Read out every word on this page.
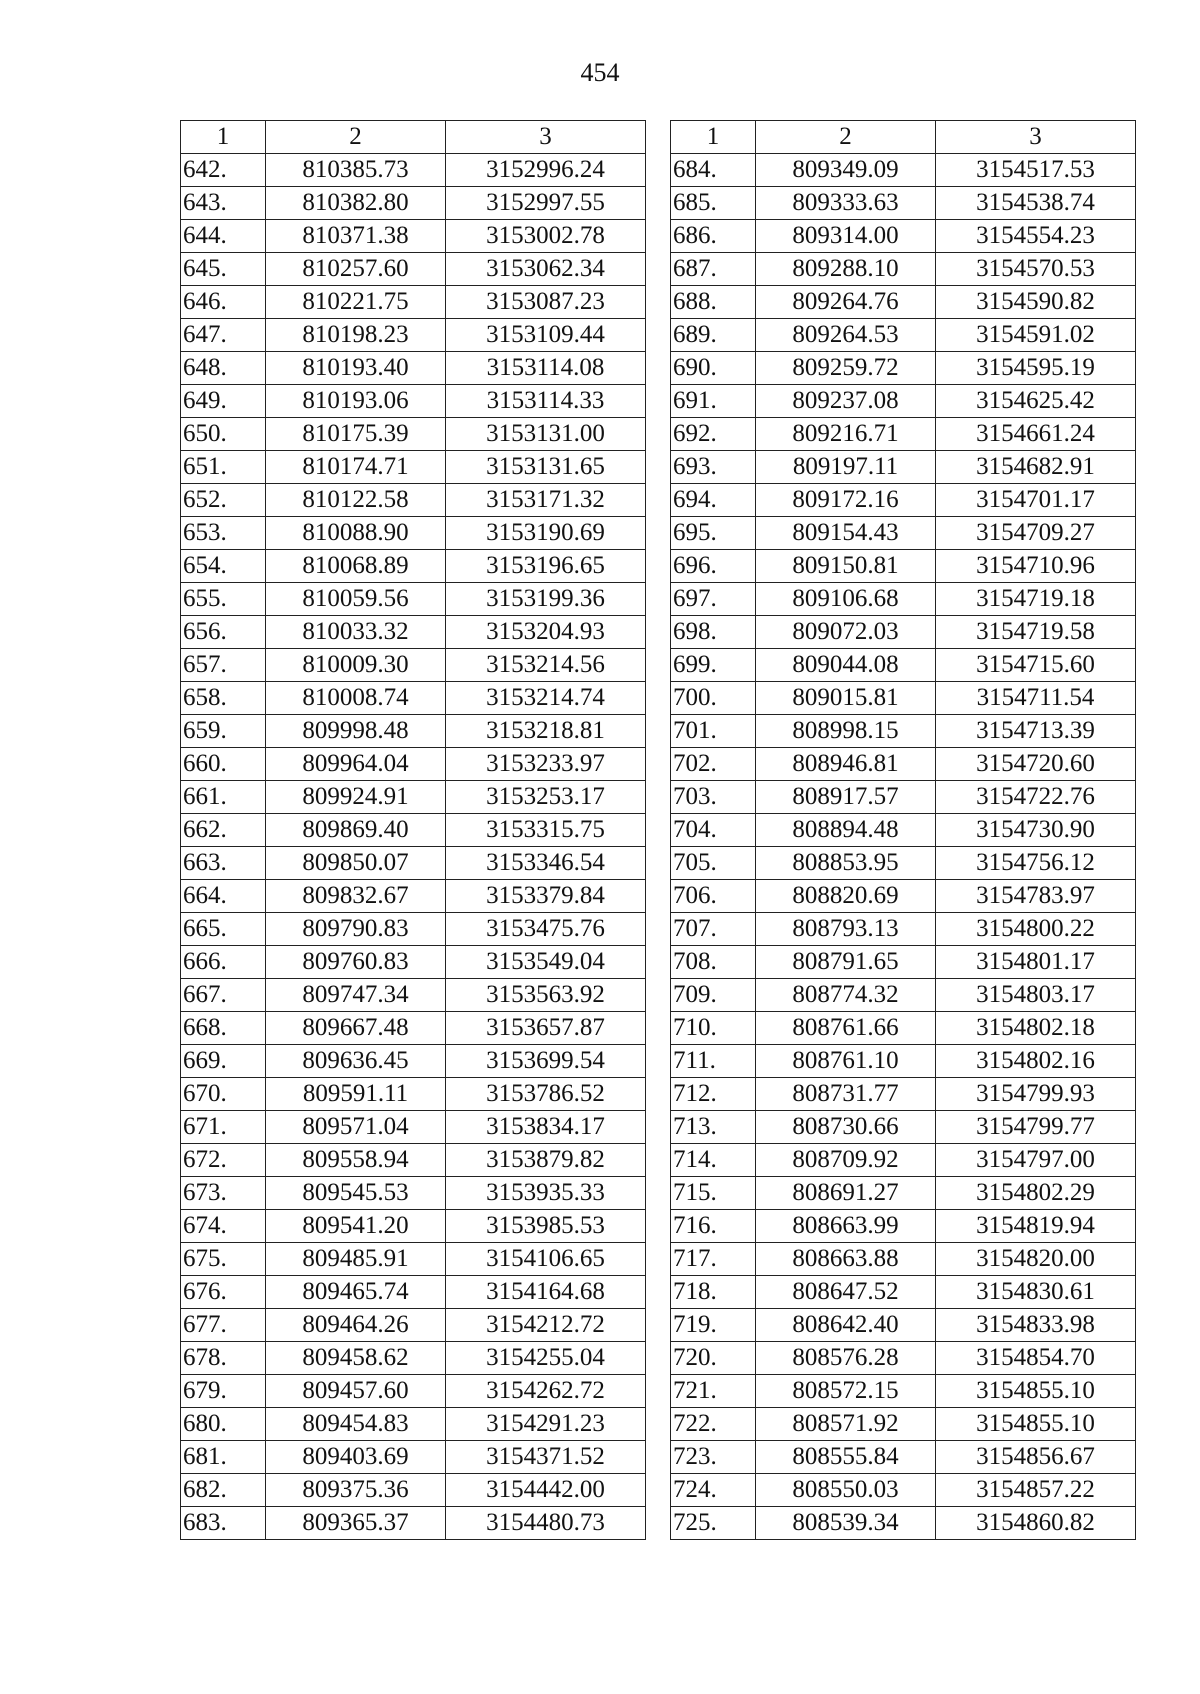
454
1	2	3
642.	810385.73	3152996.24
643.	810382.80	3152997.55
644.	810371.38	3153002.78
645.	810257.60	3153062.34
646.	810221.75	3153087.23
647.	810198.23	3153109.44
648.	810193.40	3153114.08
649.	810193.06	3153114.33
650.	810175.39	3153131.00
651.	810174.71	3153131.65
652.	810122.58	3153171.32
653.	810088.90	3153190.69
654.	810068.89	3153196.65
655.	810059.56	3153199.36
656.	810033.32	3153204.93
657.	810009.30	3153214.56
658.	810008.74	3153214.74
659.	809998.48	3153218.81
660.	809964.04	3153233.97
661.	809924.91	3153253.17
662.	809869.40	3153315.75
663.	809850.07	3153346.54
664.	809832.67	3153379.84
665.	809790.83	3153475.76
666.	809760.83	3153549.04
667.	809747.34	3153563.92
668.	809667.48	3153657.87
669.	809636.45	3153699.54
670.	809591.11	3153786.52
671.	809571.04	3153834.17
672.	809558.94	3153879.82
673.	809545.53	3153935.33
674.	809541.20	3153985.53
675.	809485.91	3154106.65
676.	809465.74	3154164.68
677.	809464.26	3154212.72
678.	809458.62	3154255.04
679.	809457.60	3154262.72
680.	809454.83	3154291.23
681.	809403.69	3154371.52
682.	809375.36	3154442.00
683.	809365.37	3154480.73
1	2	3
684.	809349.09	3154517.53
685.	809333.63	3154538.74
686.	809314.00	3154554.23
687.	809288.10	3154570.53
688.	809264.76	3154590.82
689.	809264.53	3154591.02
690.	809259.72	3154595.19
691.	809237.08	3154625.42
692.	809216.71	3154661.24
693.	809197.11	3154682.91
694.	809172.16	3154701.17
695.	809154.43	3154709.27
696.	809150.81	3154710.96
697.	809106.68	3154719.18
698.	809072.03	3154719.58
699.	809044.08	3154715.60
700.	809015.81	3154711.54
701.	808998.15	3154713.39
702.	808946.81	3154720.60
703.	808917.57	3154722.76
704.	808894.48	3154730.90
705.	808853.95	3154756.12
706.	808820.69	3154783.97
707.	808793.13	3154800.22
708.	808791.65	3154801.17
709.	808774.32	3154803.17
710.	808761.66	3154802.18
711.	808761.10	3154802.16
712.	808731.77	3154799.93
713.	808730.66	3154799.77
714.	808709.92	3154797.00
715.	808691.27	3154802.29
716.	808663.99	3154819.94
717.	808663.88	3154820.00
718.	808647.52	3154830.61
719.	808642.40	3154833.98
720.	808576.28	3154854.70
721.	808572.15	3154855.10
722.	808571.92	3154855.10
723.	808555.84	3154856.67
724.	808550.03	3154857.22
725.	808539.34	3154860.82
